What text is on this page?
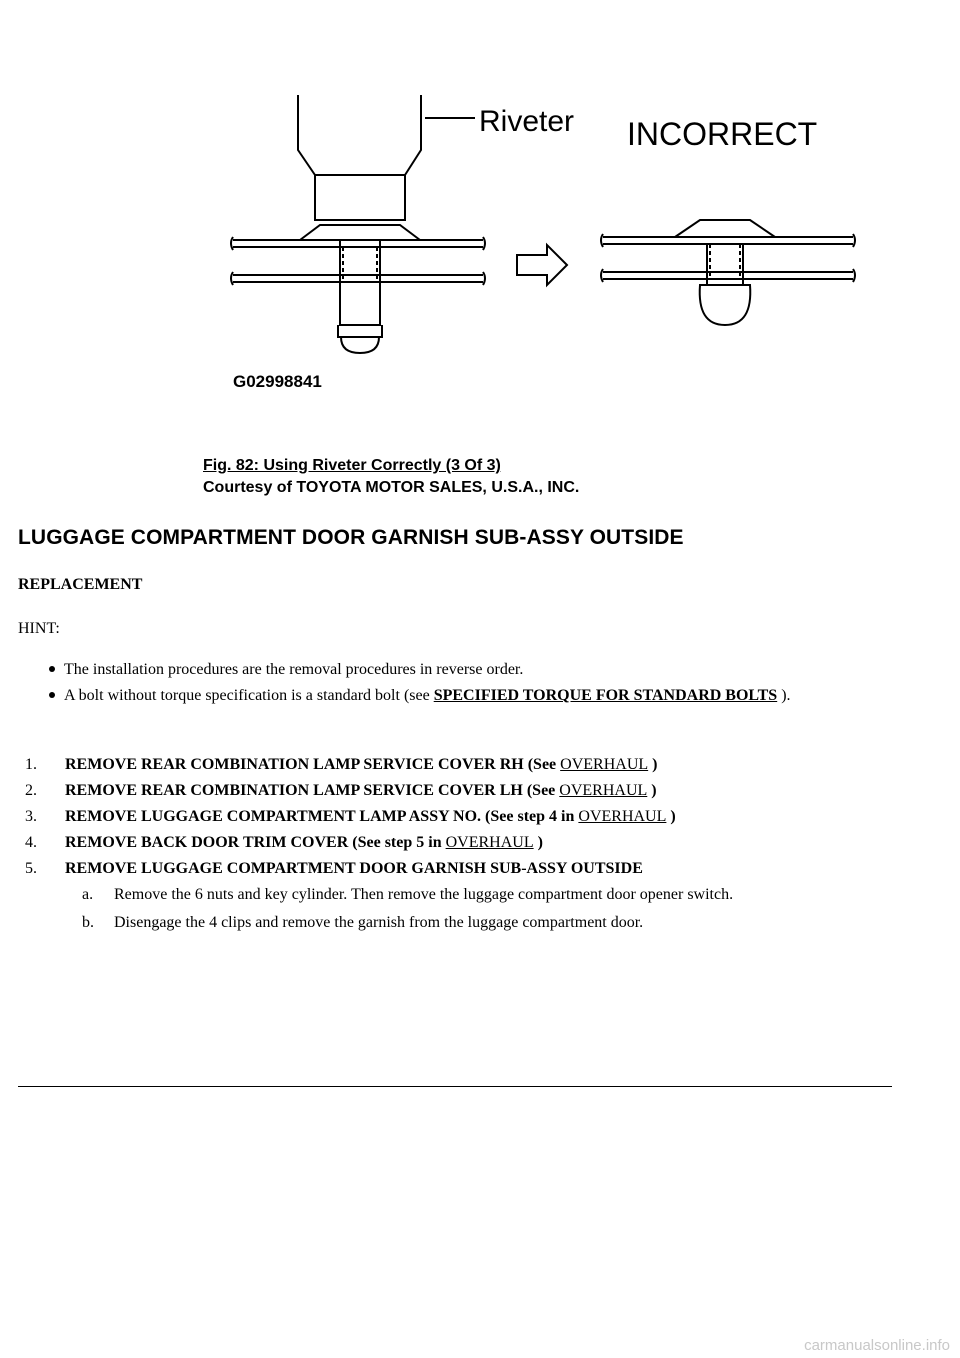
Riveter INCORRECT
G02998841
Fig. 82: Using Riveter Correctly (3 Of 3)
Courtesy of TOYOTA MOTOR SALES, U.S.A., INC.
LUGGAGE COMPARTMENT DOOR GARNISH SUB-ASSY OUTSIDE

REPLACEMENT

HINT:

The installation procedures are the removal procedures in reverse order.
A bolt without torque specification is a standard bolt (see SPECIFIED TORQUE FOR STANDARD BOLTS ).
1. REMOVE REAR COMBINATION LAMP SERVICE COVER RH (See OVERHAUL )
2. REMOVE REAR COMBINATION LAMP SERVICE COVER LH (See OVERHAUL )
3. REMOVE LUGGAGE COMPARTMENT LAMP ASSY NO. (See step 4 in OVERHAUL )
4. REMOVE BACK DOOR TRIM COVER (See step 5 in OVERHAUL )
5. REMOVE LUGGAGE COMPARTMENT DOOR GARNISH SUB-ASSY OUTSIDE
a. Remove the 6 nuts and key cylinder. Then remove the luggage compartment door opener switch.
b. Disengage the 4 clips and remove the garnish from the luggage compartment door.
carmanualsonline.info
